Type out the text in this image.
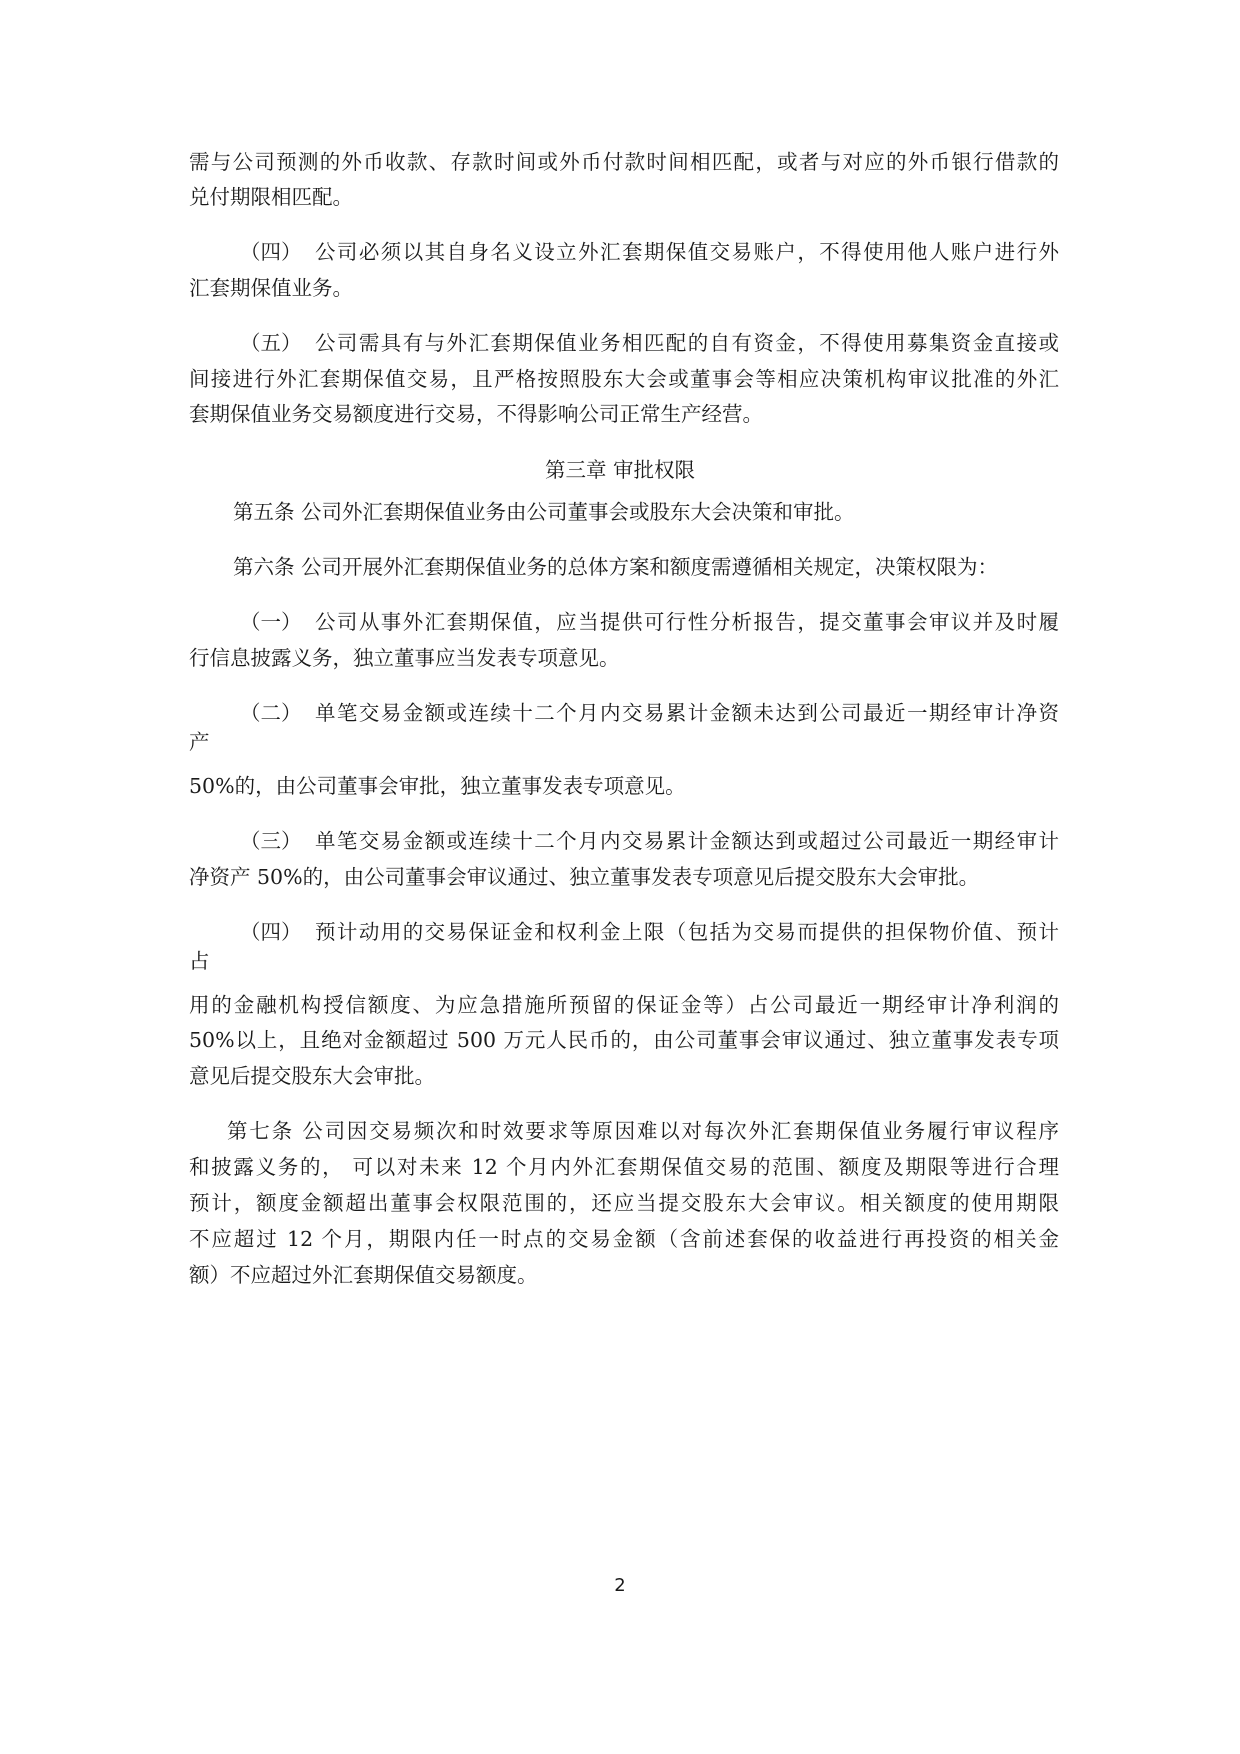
需与公司预测的外币收款、存款时间或外币付款时间相匹配，或者与对应的外币银行借款的
兑付期限相匹配。
（四） 公司必须以其自身名义设立外汇套期保值交易账户，不得使用他人账户进行外
汇套期保值业务。
（五） 公司需具有与外汇套期保值业务相匹配的自有资金，不得使用募集资金直接或
间接进行外汇套期保值交易，且严格按照股东大会或董事会等相应决策机构审议批准的外汇
套期保值业务交易额度进行交易，不得影响公司正常生产经营。
第三章 审批权限
第五条 公司外汇套期保值业务由公司董事会或股东大会决策和审批。
第六条 公司开展外汇套期保值业务的总体方案和额度需遵循相关规定，决策权限为：
（一） 公司从事外汇套期保值，应当提供可行性分析报告，提交董事会审议并及时履
行信息披露义务，独立董事应当发表专项意见。
（二） 单笔交易金额或连续十二个月内交易累计金额未达到公司最近一期经审计净资
产
50%的，由公司董事会审批，独立董事发表专项意见。
（三） 单笔交易金额或连续十二个月内交易累计金额达到或超过公司最近一期经审计
净资产 50%的，由公司董事会审议通过、独立董事发表专项意见后提交股东大会审批。
（四） 预计动用的交易保证金和权利金上限（包括为交易而提供的担保物价值、预计
占
用的金融机构授信额度、为应急措施所预留的保证金等）占公司最近一期经审计净利润的
50%以上，且绝对金额超过 500 万元人民币的，由公司董事会审议通过、独立董事发表专项
意见后提交股东大会审批。
第七条 公司因交易频次和时效要求等原因难以对每次外汇套期保值业务履行审议程序
和披露义务的， 可以对未来 12 个月内外汇套期保值交易的范围、额度及期限等进行合理
预计，额度金额超出董事会权限范围的，还应当提交股东大会审议。相关额度的使用期限
不应超过 12 个月，期限内任一时点的交易金额（含前述套保的收益进行再投资的相关金
额）不应超过外汇套期保值交易额度。
2
